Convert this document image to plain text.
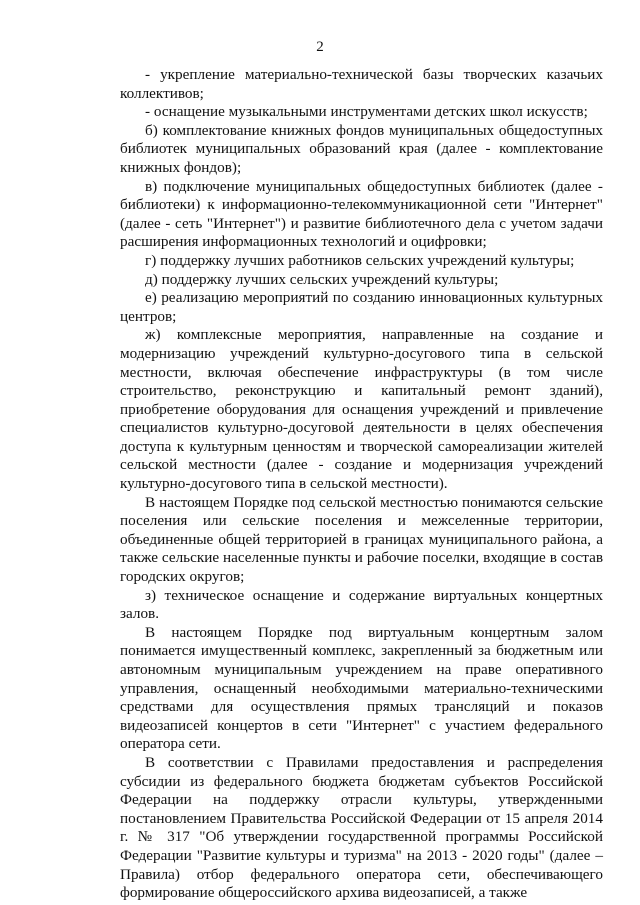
2

- укрепление материально-технической базы творческих казачьих коллективов;

- оснащение музыкальными инструментами детских школ искусств;

б) комплектование книжных фондов муниципальных общедоступных библиотек муниципальных образований края (далее - комплектование книжных фондов);

в) подключение муниципальных общедоступных библиотек (далее - библиотеки) к информационно-телекоммуникационной сети "Интернет" (далее - сеть "Интернет") и развитие библиотечного дела с учетом задачи расширения информационных технологий и оцифровки;

г) поддержку лучших работников сельских учреждений культуры;

д) поддержку лучших сельских учреждений культуры;

е) реализацию мероприятий по созданию инновационных культурных центров;

ж) комплексные мероприятия, направленные на создание и модернизацию учреждений культурно-досугового типа в сельской местности, включая обеспечение инфраструктуры (в том числе строительство, реконструкцию и капитальный ремонт зданий), приобретение оборудования для оснащения учреждений и привлечение специалистов культурно-досуговой деятельности в целях обеспечения доступа к культурным ценностям и творческой самореализации жителей сельской местности (далее - создание и модернизация учреждений культурно-досугового типа в сельской местности).

В настоящем Порядке под сельской местностью понимаются сельские поселения или сельские поселения и межселенные территории, объединенные общей территорией в границах муниципального района, а также сельские населенные пункты и рабочие поселки, входящие в состав городских округов;

з) техническое оснащение и содержание виртуальных концертных залов.

В настоящем Порядке под виртуальным концертным залом понимается имущественный комплекс, закрепленный за бюджетным или автономным муниципальным учреждением на праве оперативного управления, оснащенный необходимыми материально-техническими средствами для осуществления прямых трансляций и показов видеозаписей концертов в сети "Интернет" с участием федерального оператора сети.

В соответствии с Правилами предоставления и распределения субсидии из федерального бюджета бюджетам субъектов Российской Федерации на поддержку отрасли культуры, утвержденными постановлением Правительства Российской Федерации от 15 апреля 2014 г. № 317 "Об утверждении государственной программы Российской Федерации "Развитие культуры и туризма" на 2013 - 2020 годы" (далее – Правила) отбор федерального оператора сети, обеспечивающего формирование общероссийского архива видеозаписей, а также
